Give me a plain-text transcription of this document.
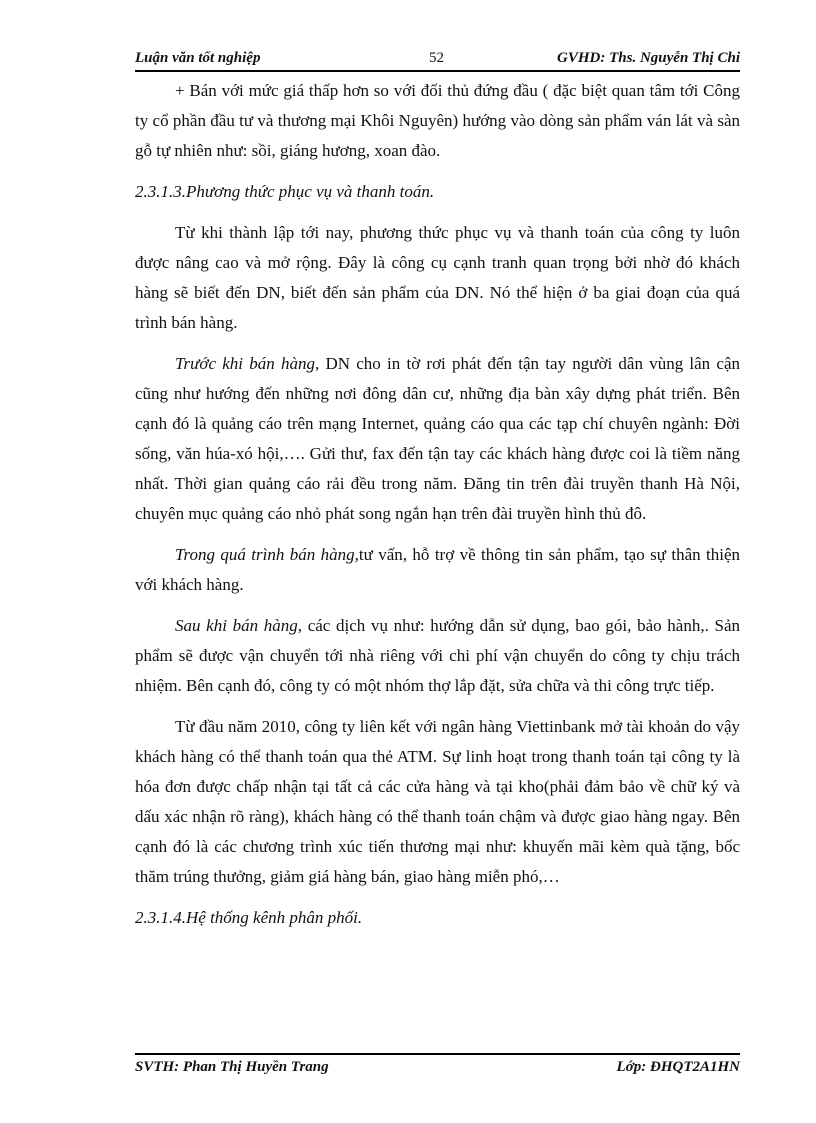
Luận văn tốt nghiệp	52	GVHD: Ths. Nguyễn Thị Chi

+ Bán với mức giá thấp hơn so với đối thủ đứng đầu ( đặc biệt quan tâm tới Công ty cổ phần đầu tư và thương mại Khôi Nguyên) hướng vào dòng sản phẩm ván lát và sàn gỗ tự nhiên như: sồi, giáng hương, xoan đào.

2.3.1.3.Phương thức phục vụ và thanh toán.

Từ khi thành lập tới nay, phương thức phục vụ và thanh toán của công ty luôn được nâng cao và mở rộng. Đây là công cụ cạnh tranh quan trọng bởi nhờ đó khách hàng sẽ biết đến DN, biết đến sản phẩm của DN. Nó thể hiện ở ba giai đoạn của quá trình bán hàng.

Trước khi bán hàng, DN cho in tờ rơi phát đến tận tay người dân vùng lân cận cũng như hướng đến những nơi đông dân cư, những địa bàn xây dựng phát triển. Bên cạnh đó là quảng cáo trên mạng Internet, quảng cáo qua các tạp chí chuyên ngành: Đời sống, văn húa-xó hội,…. Gửi thư, fax đến tận tay các khách hàng được coi là tiềm năng nhất. Thời gian quảng cáo rải đều trong năm. Đăng tin trên đài truyền thanh Hà Nội, chuyên mục quảng cáo nhỏ phát song ngắn hạn trên đài truyền hình thủ đô.

Trong quá trình bán hàng,tư vấn, hỗ trợ về thông tin sản phẩm, tạo sự thân thiện với khách hàng.

Sau khi bán hàng, các dịch vụ như: hướng dẫn sử dụng, bao gói, bảo hành,. Sản phẩm sẽ được vận chuyển tới nhà riêng với chi phí vận chuyển do công ty chịu trách nhiệm. Bên cạnh đó, công ty có một nhóm thợ lắp đặt, sửa chữa và thi công trực tiếp.

Từ đầu năm 2010, công ty liên kết với ngân hàng Viettinbank mở tài khoản do vậy khách hàng có thể thanh toán qua thẻ ATM. Sự linh hoạt trong thanh toán tại công ty là hóa đơn được chấp nhận tại tất cả các cửa hàng và tại kho(phải đảm bảo về chữ ký và dấu xác nhận rõ ràng), khách hàng có thể thanh toán chậm và được giao hàng ngay. Bên cạnh đó là các chương trình xúc tiến thương mại như: khuyến mãi kèm quà tặng, bốc thăm trúng thưởng, giảm giá hàng bán, giao hàng miễn phó,…

2.3.1.4.Hệ thống kênh phân phối.

SVTH: Phan Thị Huyền Trang	Lớp: ĐHQT2A1HN
